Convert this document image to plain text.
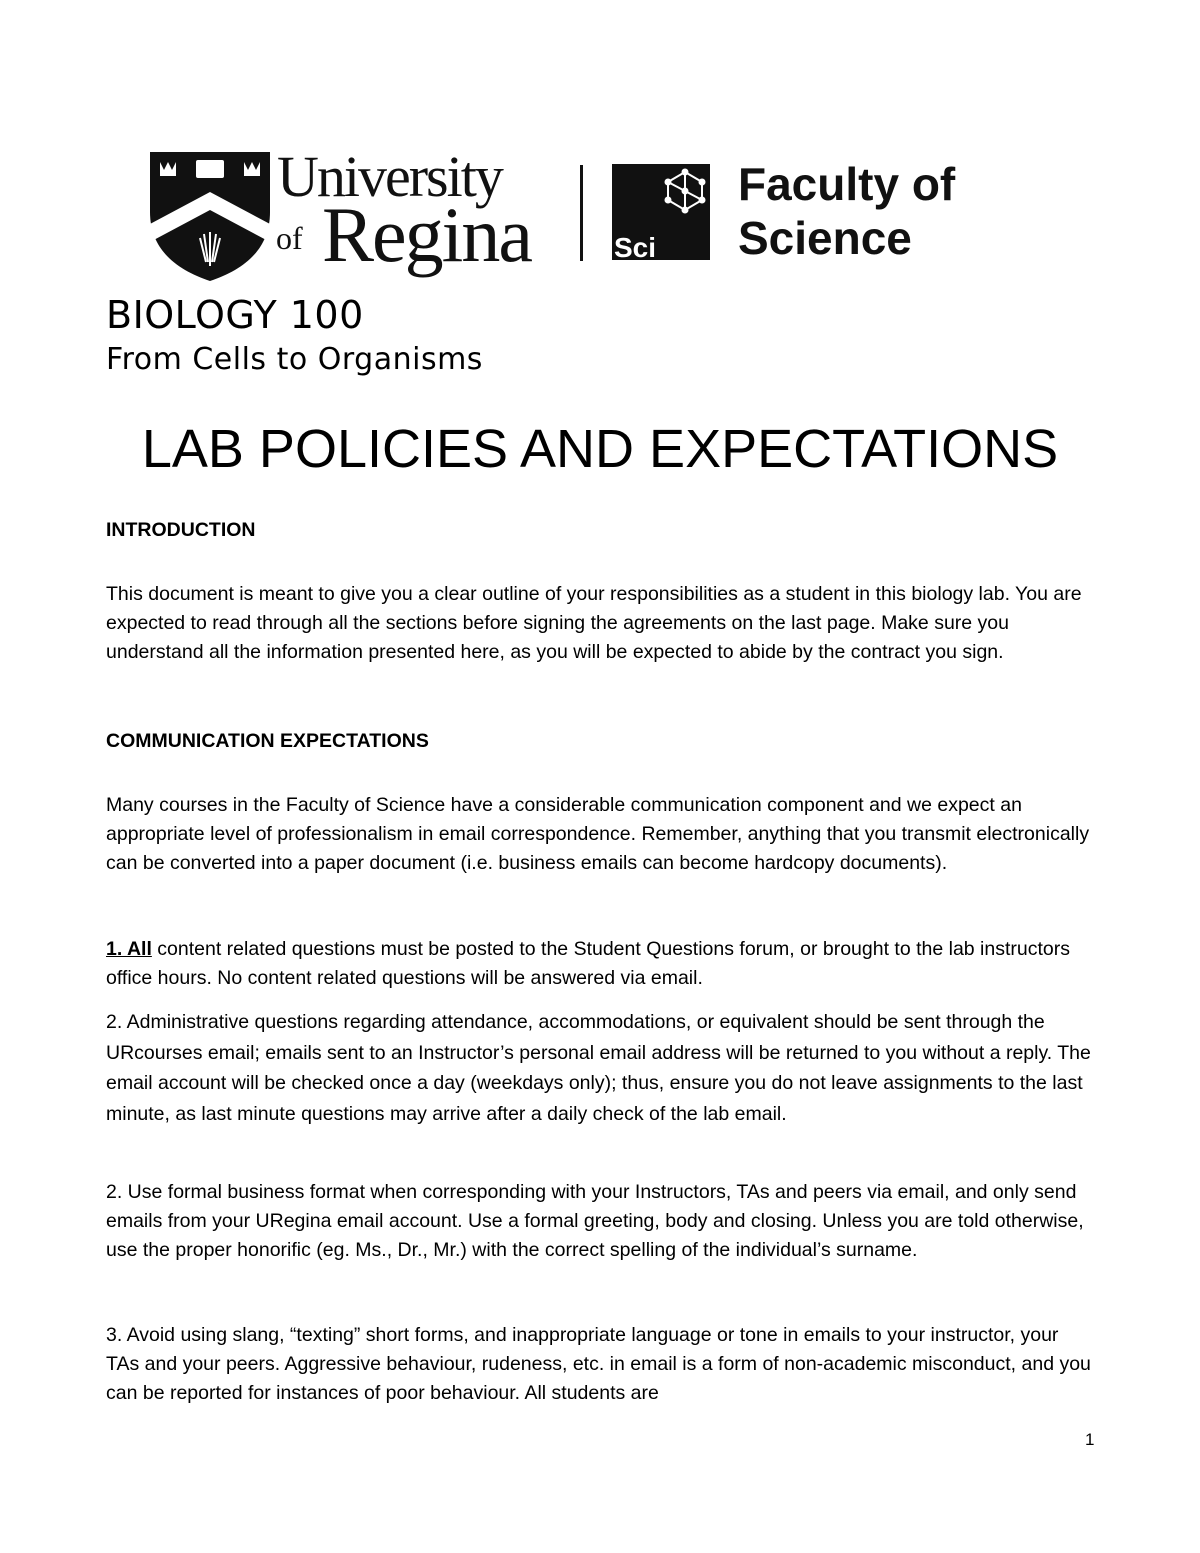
University
of Regina	Sci
Faculty of
Science
BIOLOGY 100
From Cells to Organisms
LAB POLICIES AND EXPECTATIONS
INTRODUCTION
This document is meant to give you a clear outline of your responsibilities as a student in this biology lab. You are expected to read through all the sections before signing the agreements on the last page. Make sure you understand all the information presented here, as you will be expected to abide by the contract you sign.
COMMUNICATION EXPECTATIONS
Many courses in the Faculty of Science have a considerable communication component and we expect an appropriate level of professionalism in email correspondence. Remember, anything that you transmit electronically can be converted into a paper document (i.e. business emails can become hardcopy documents).
1. All content related questions must be posted to the Student Questions forum, or brought to the lab instructors office hours. No content related questions will be answered via email.
2. Administrative questions regarding attendance, accommodations, or equivalent should be sent through the URcourses email; emails sent to an Instructor’s personal email address will be returned to you without a reply. The email account will be checked once a day (weekdays only); thus, ensure you do not leave assignments to the last minute, as last minute questions may arrive after a daily check of the lab email.
2. Use formal business format when corresponding with your Instructors, TAs and peers via email, and only send emails from your URegina email account. Use a formal greeting, body and closing. Unless you are told otherwise, use the proper honorific (eg. Ms., Dr., Mr.) with the correct spelling of the individual’s surname.
3. Avoid using slang, “texting” short forms, and inappropriate language or tone in emails to your instructor, your TAs and your peers. Aggressive behaviour, rudeness, etc. in email is a form of non-academic misconduct, and you can be reported for instances of poor behaviour. All students are
1
